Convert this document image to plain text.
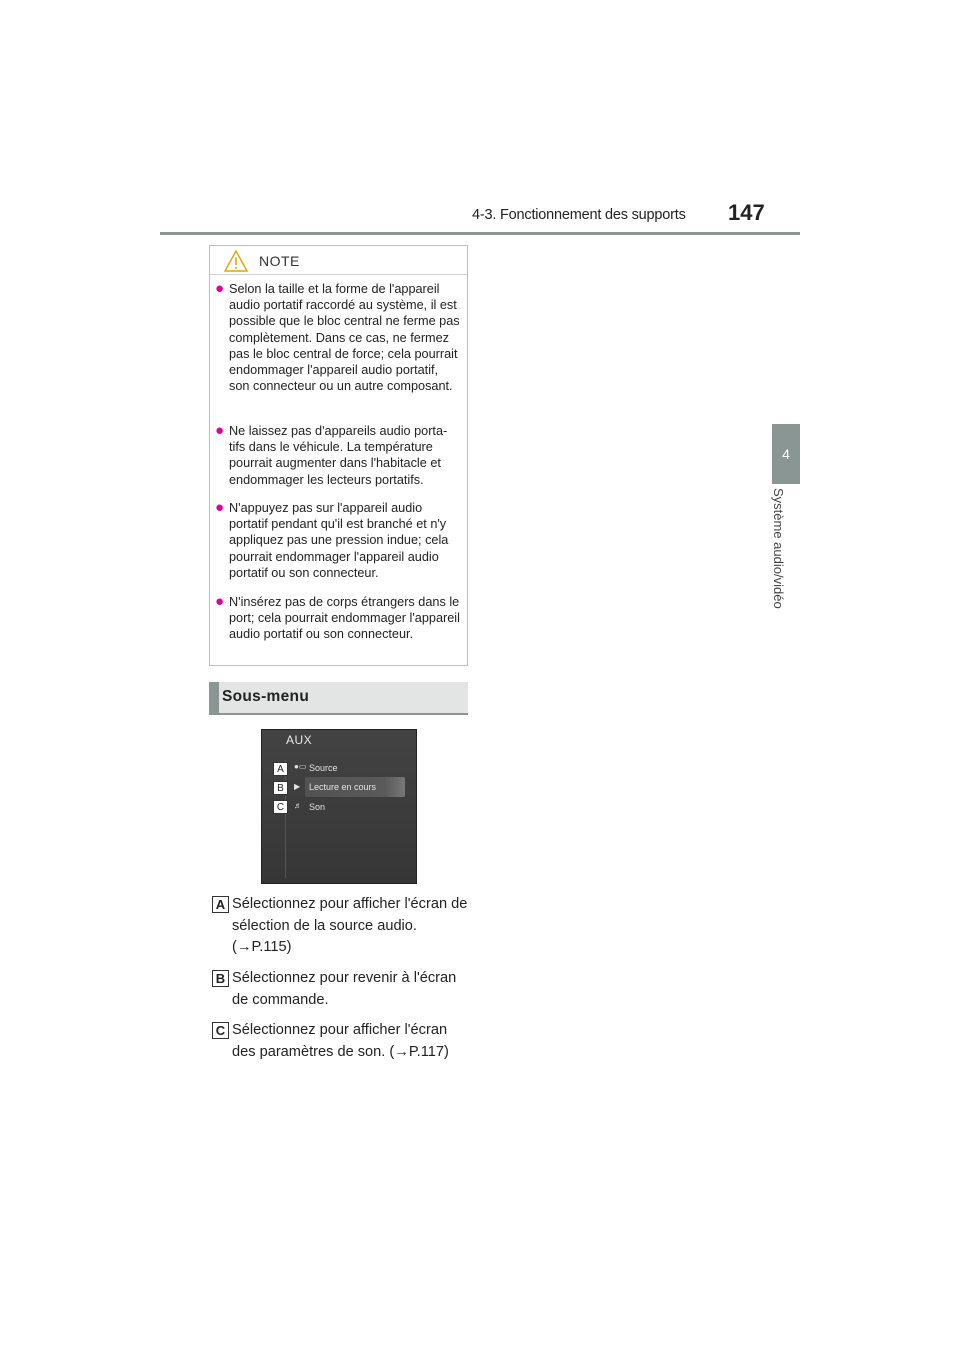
4-3. Fonctionnement des supports 147
4
Système audio/vidéo
NOTE
● Selon la taille et la forme de l'appareil audio portatif raccordé au système, il est possible que le bloc central ne ferme pas complètement. Dans ce cas, ne fermez pas le bloc central de force; cela pourrait endommager l'appareil audio portatif, son connecteur ou un autre composant.
● Ne laissez pas d'appareils audio porta-tifs dans le véhicule. La température pourrait augmenter dans l'habitacle et endommager les lecteurs portatifs.
● N'appuyez pas sur l'appareil audio portatif pendant qu'il est branché et n'y appliquez pas une pression indue; cela pourrait endommager l'appareil audio portatif ou son connecteur.
● N'insérez pas de corps étrangers dans le port; cela pourrait endommager l'appareil audio portatif ou son connecteur.
Sous-menu
AUX
●▭ Source
▶ Lecture en cours
♬ Son
A
B
C
A Sélectionnez pour afficher l'écran de sélection de la source audio. (→P.115)
B Sélectionnez pour revenir à l'écran de commande.
C Sélectionnez pour afficher l'écran des paramètres de son. (→P.117)
